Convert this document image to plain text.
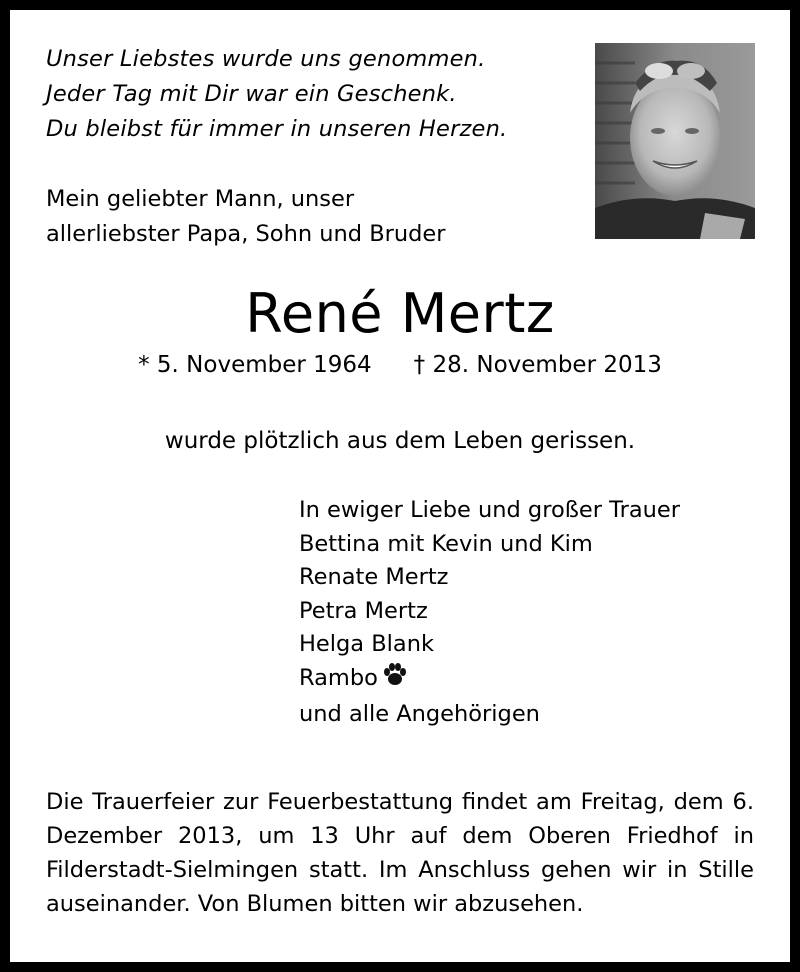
Unser Liebstes wurde uns genommen.
Jeder Tag mit Dir war ein Geschenk.
Du bleibst für immer in unseren Herzen.
Mein geliebter Mann, unser
allerliebster Papa, Sohn und Bruder
René Mertz
* 5. November 1964 † 28. November 2013
wurde plötzlich aus dem Leben gerissen.
In ewiger Liebe und großer Trauer
Bettina mit Kevin und Kim
Renate Mertz
Petra Mertz
Helga Blank
Rambo
und alle Angehörigen
Die Trauerfeier zur Feuerbestattung findet am Freitag, dem 6. Dezember 2013, um 13 Uhr auf dem Oberen Friedhof in Filderstadt-Sielmingen statt. Im Anschluss gehen wir in Stille auseinander. Von Blumen bitten wir abzusehen.
